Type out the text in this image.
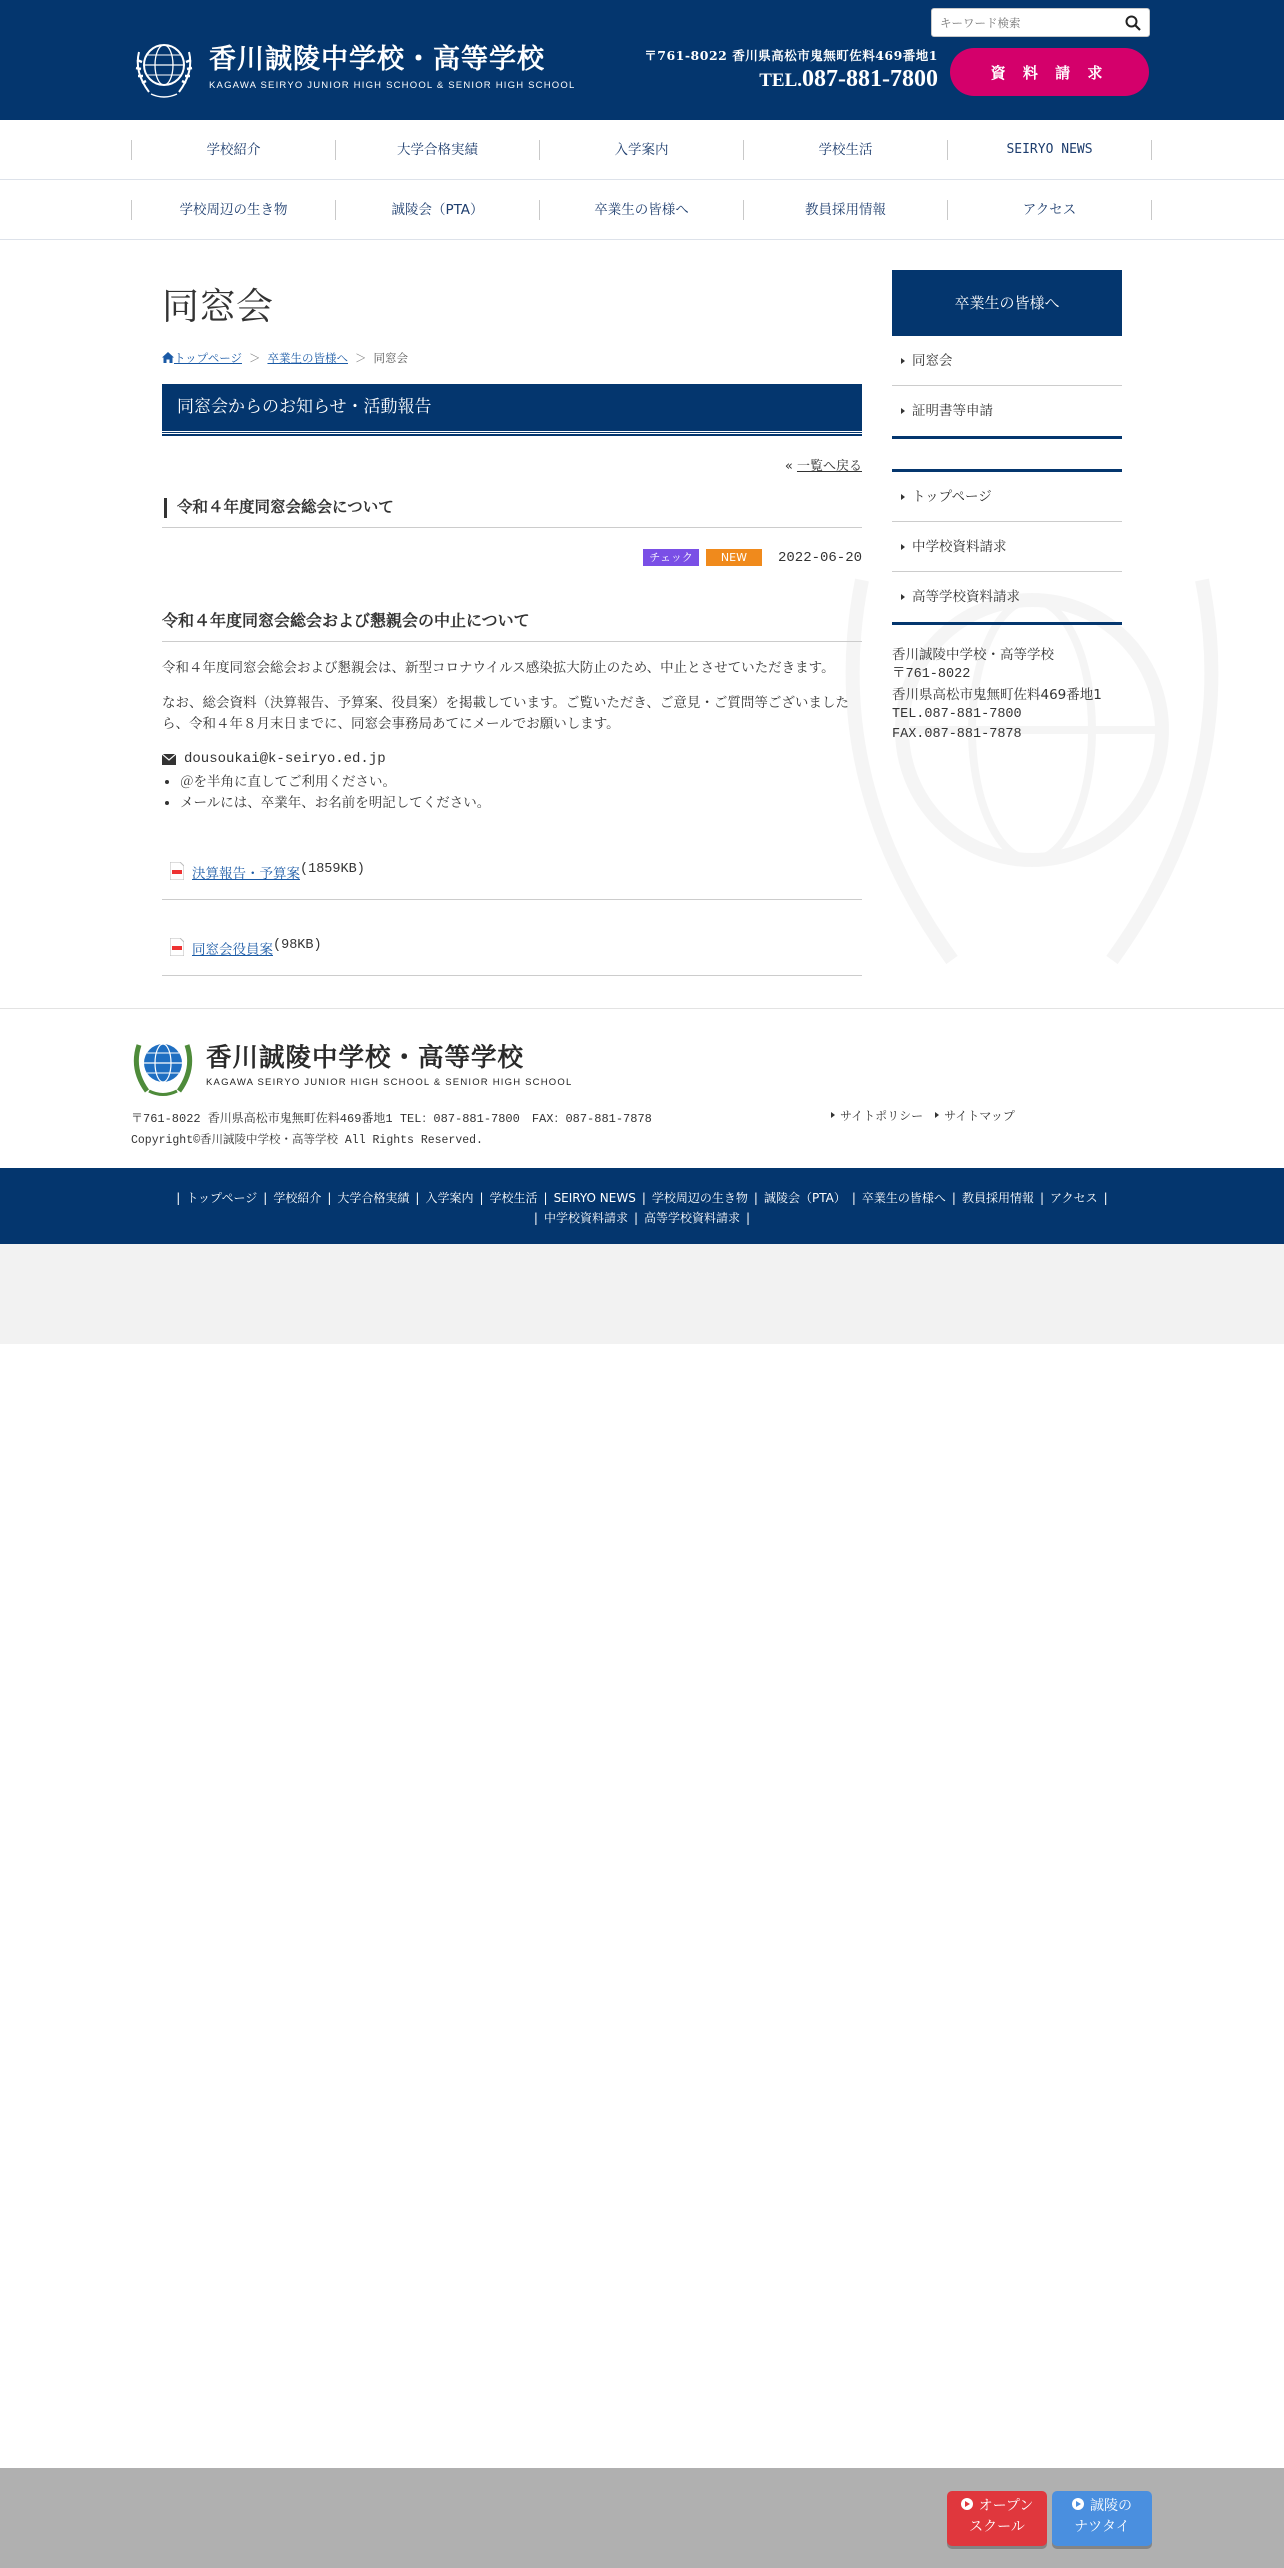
香川誠陵中学校・高等学校
KAGAWA SEIRYO JUNIOR HIGH SCHOOL & SENIOR HIGH SCHOOL
キーワード検索
〒761-8022 香川県高松市鬼無町佐料469番地1
TEL.087-881-7800	資 料 請 求
学校紹介	大学合格実績	入学案内	学校生活	SEIRYO NEWS
学校周辺の生き物	誠陵会（PTA）	卒業生の皆様へ	教員採用情報	アクセス
同窓会
トップページ ＞ 卒業生の皆様へ ＞ 同窓会
同窓会からのお知らせ・活動報告
« 一覧へ戻る
令和４年度同窓会総会について
チェック	NEW	2022-06-20
令和４年度同窓会総会および懇親会の中止について

令和４年度同窓会総会および懇親会は、新型コロナウイルス感染拡大防止のため、中止とさせていただきます。

なお、総会資料（決算報告、予算案、役員案）を掲載しています。ご覧いただき、ご意見・ご質問等ございましたら、令和４年８月末日までに、同窓会事務局あてにメールでお願いします。

dousoukai@k-seiryo.ed.jp
• ＠を半角に直してご利用ください。
• メールには、卒業年、お名前を明記してください。
決算報告・予算案 (1859KB)
同窓会役員案 (98KB)
卒業生の皆様へ
同窓会
証明書等申請
トップページ
中学校資料請求
高等学校資料請求
香川誠陵中学校・高等学校
〒761-8022
香川県高松市鬼無町佐料469番地1
TEL.087-881-7800
FAX.087-881-7878
香川誠陵中学校・高等学校
KAGAWA SEIRYO JUNIOR HIGH SCHOOL & SENIOR HIGH SCHOOL
〒761-8022 香川県高松市鬼無町佐料469番地1 TEL：087-881-7800　FAX：087-881-7878
Copyright©香川誠陵中学校・高等学校 All Rights Reserved.
サイトポリシー	サイトマップ
| トップページ | 学校紹介 | 大学合格実績 | 入学案内 | 学校生活 | SEIRYO NEWS | 学校周辺の生き物 | 誠陵会（PTA） | 卒業生の皆様へ | 教員採用情報 | アクセス |
| 中学校資料請求 | 高等学校資料請求 |
オープン
スクール
誠陵の
ナツタイ
